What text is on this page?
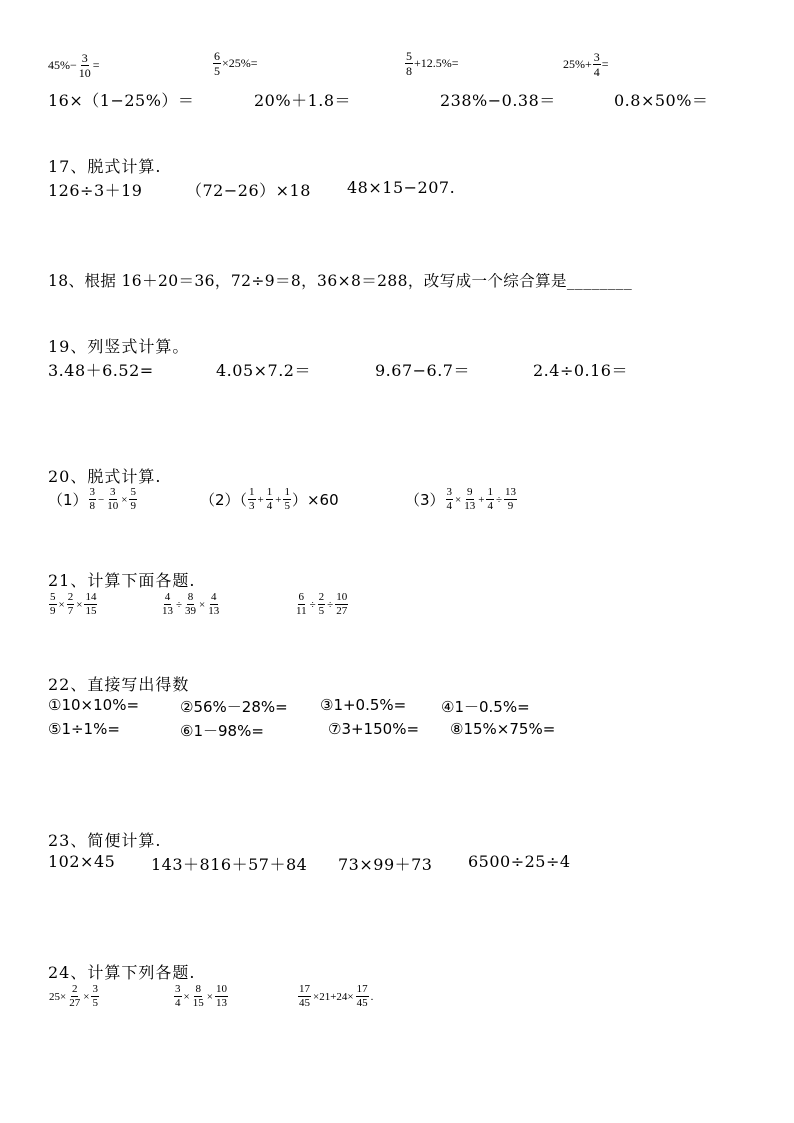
$45\%- \frac{3}{10}$ =	$\frac{6}{5} \times 25\%=$	$\frac{5}{8} +12.5\%=$	$25\%+ \frac{3}{4}$ =
16×（1−25%）＝	20%＋1.8＝	238%−0.38＝	0.8×50%＝
17、脱式计算.
126÷3＋19	（72−26）×18 48×15−207.
18、根据 16＋20＝36，72÷9＝8，36×8＝288，改写成一个综合算是________
19、列竖式计算。
3.48＋6.52=	4.05×7.2＝	9.67−6.7＝	2.4÷0.16＝
20、脱式计算.
$(1) \frac{3}{8} - \frac{3}{10} \times \frac{5}{9}$	$(2)( \frac{1}{3} + \frac{1}{4} + \frac{1}{5} )\times 60$	$(3) \frac{3}{4} \times \frac{9}{13} + \frac{1}{4} \div \frac{13}{9}$
21、计算下面各题.
$\frac{5}{9} \times \frac{2}{7} \times \frac{14}{15}$	$\frac{4}{13} \div \frac{8}{39} \times \frac{4}{13}$	$\frac{6}{11} \div \frac{2}{5} \div \frac{10}{27}$
22、直接写出得数
①10×10%=	②56%－28%= ③1+0.5%= ④1－0.5%=
⑤1÷1%=	⑥1－98%=	⑦3+150%= ⑧15%×75%=
23、简便计算.
102×45 143＋816＋57＋84 73×99＋73 6500÷25÷4
24、计算下列各题.
$25\times \frac{2}{27} \times \frac{3}{5}$	$\frac{3}{4} \times \frac{8}{15} \times \frac{10}{13}$	$\frac{17}{45} \times 21+24\times \frac{17}{45}$ .
